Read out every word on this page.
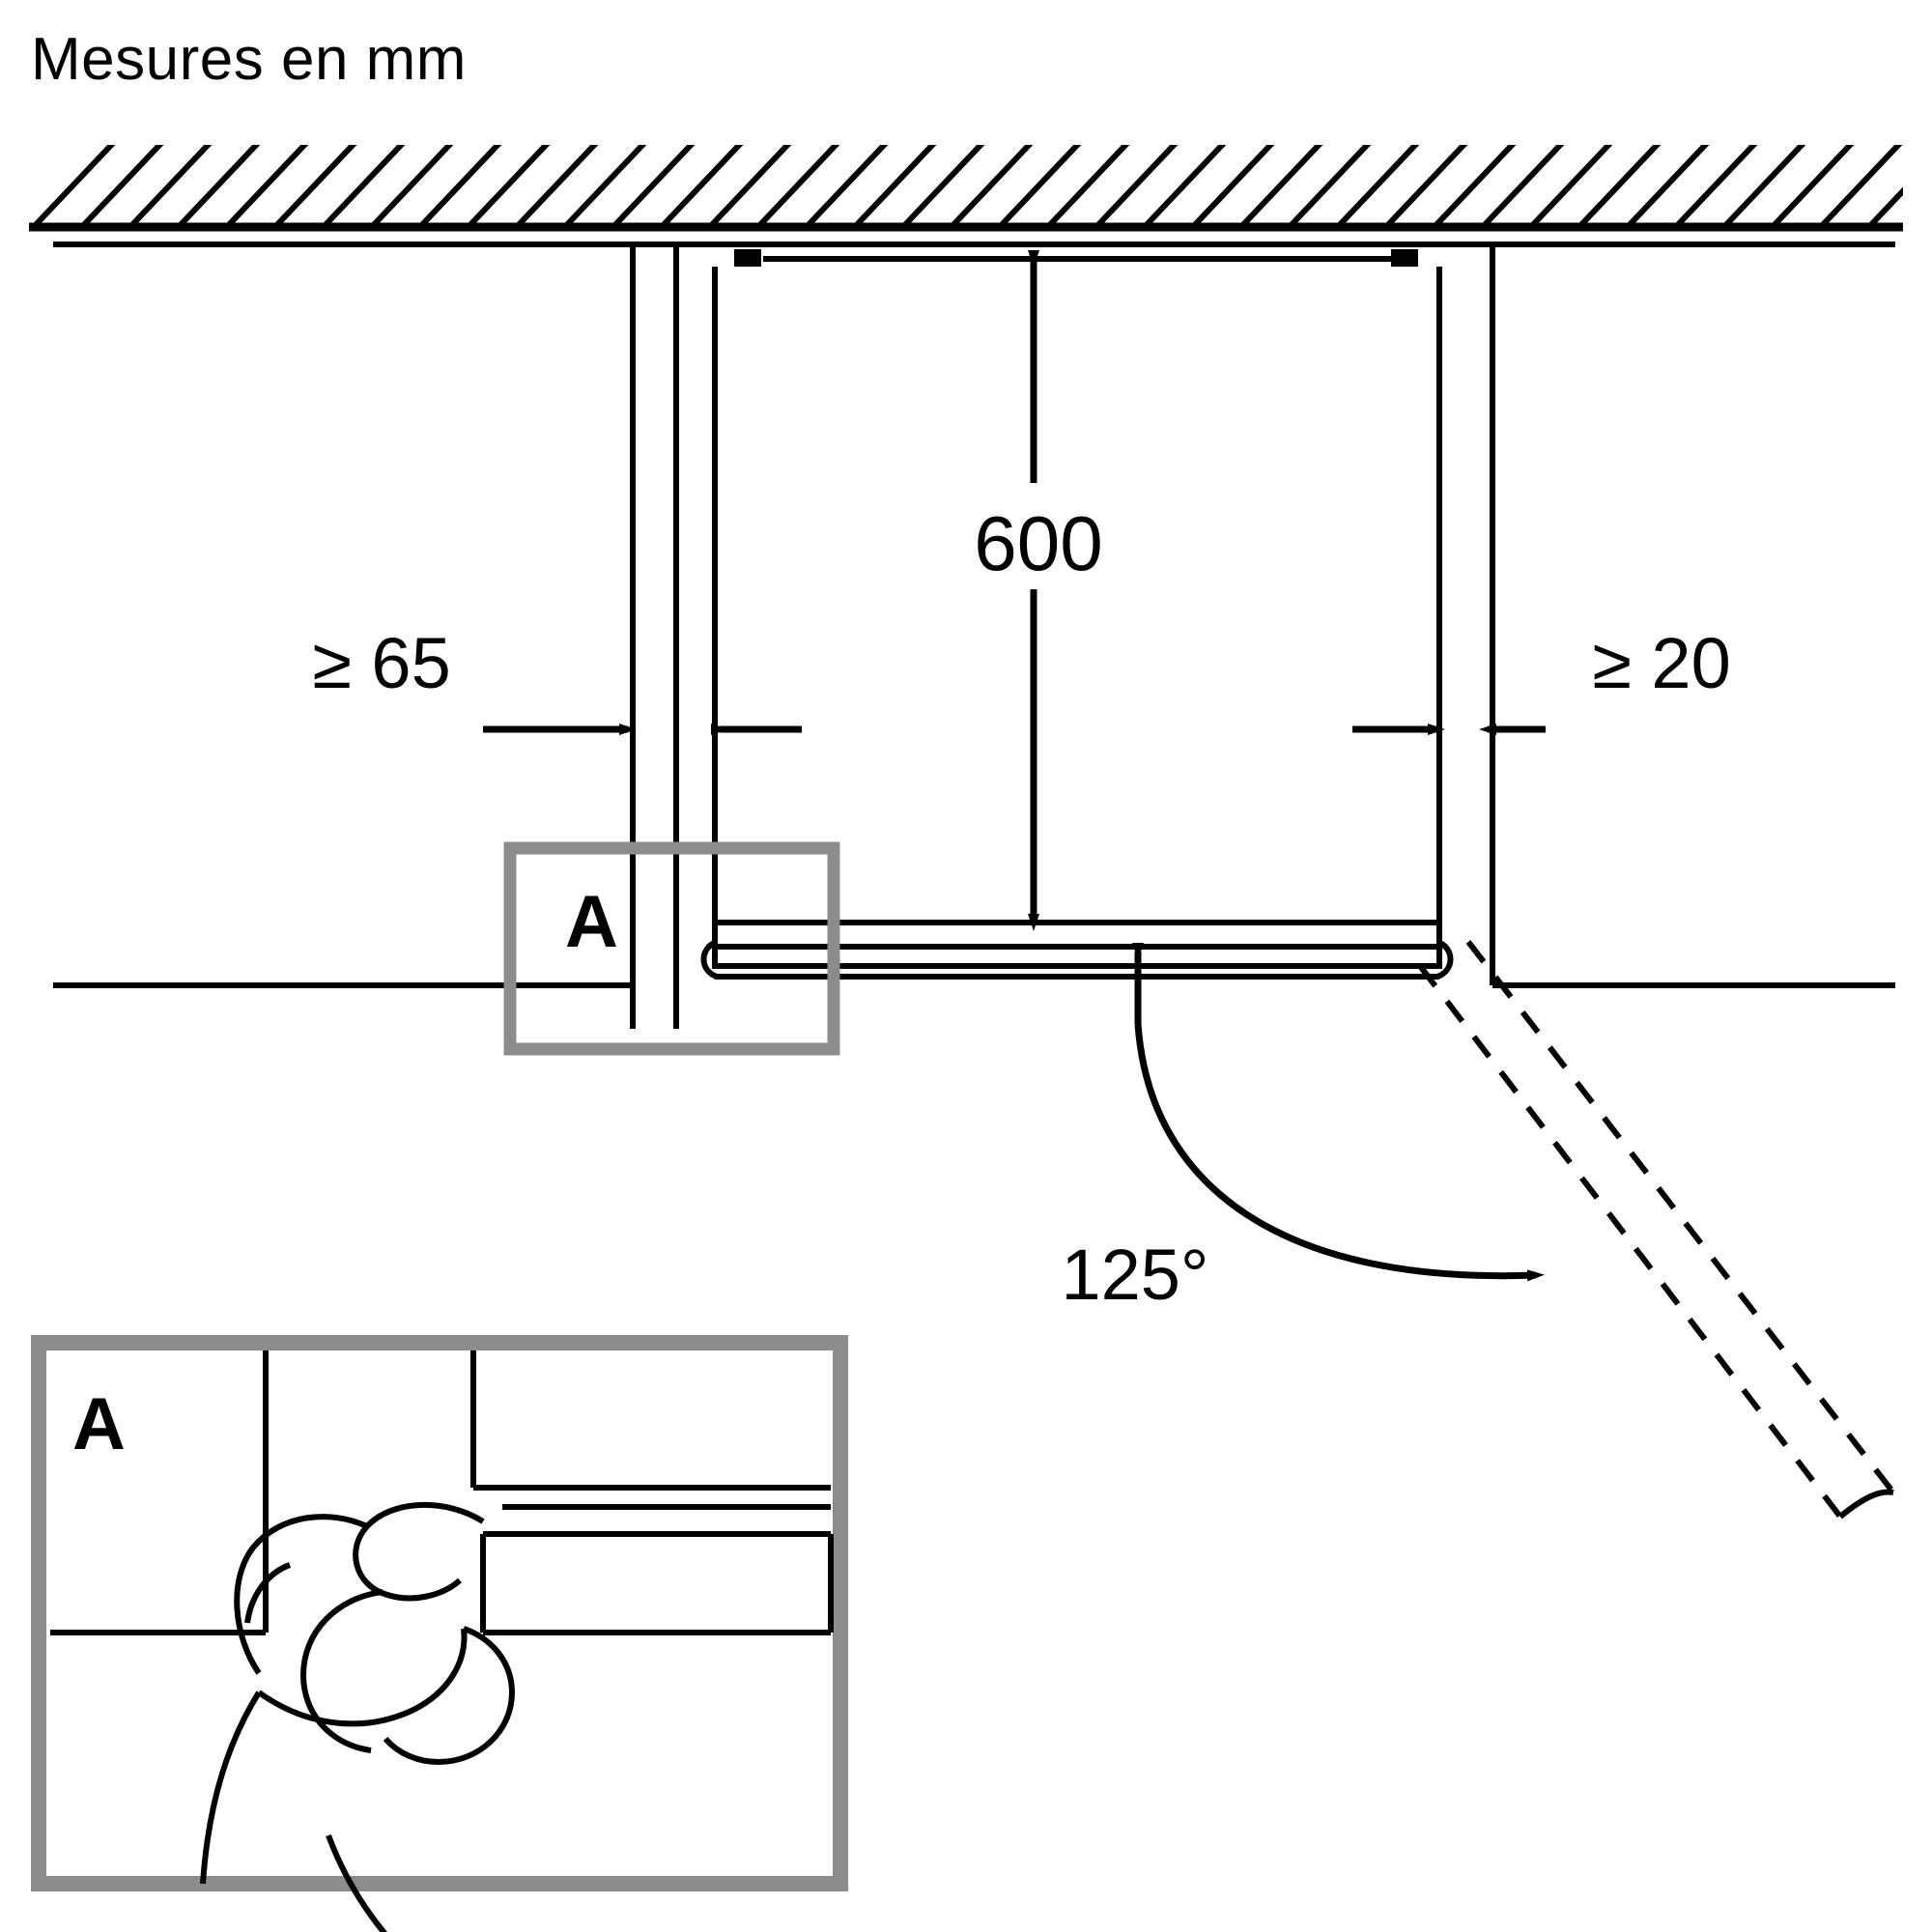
Mesures en mm
600
≥ 65	≥ 20
A
125°
A
